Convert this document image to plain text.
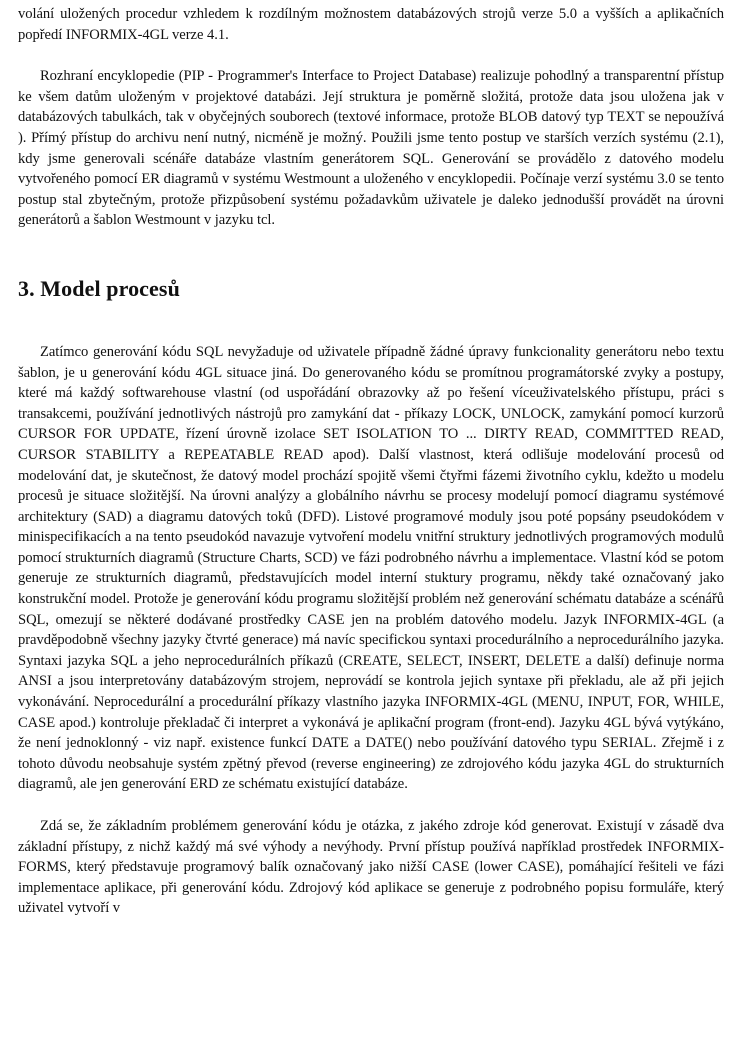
volání uložených procedur vzhledem k rozdílným možnostem databázových strojů verze 5.0 a vyšších a aplikačních popředí INFORMIX-4GL verze 4.1.

Rozhraní encyklopedie (PIP - Programmer's Interface to Project Database) realizuje pohodlný a transparentní přístup ke všem datům uloženým v projektové databázi. Její struktura je poměrně složitá, protože data jsou uložena jak v databázových tabulkách, tak v obyčejných souborech (textové informace, protože BLOB datový typ TEXT se nepoužívá ). Přímý přístup do archivu není nutný, nicméně je možný. Použili jsme tento postup ve starších verzích systému (2.1), kdy jsme generovali scénáře databáze vlastním generátorem SQL. Generování se provádělo z datového modelu vytvořeného pomocí ER diagramů v systému Westmount a uloženého v encyklopedii. Počínaje verzí systému 3.0 se tento postup stal zbytečným, protože přizpůsobení systému požadavkům uživatele je daleko jednodušší provádět na úrovni generátorů a šablon Westmount v jazyku tcl.

3. Model procesů

Zatímco generování kódu SQL nevyžaduje od uživatele případně žádné úpravy funkcionality generátoru nebo textu šablon, je u generování kódu 4GL situace jiná. Do generovaného kódu se promítnou programátorské zvyky a postupy, které má každý softwarehouse vlastní (od uspořádání obrazovky až po řešení víceuživatelského přístupu, práci s transakcemi, používání jednotlivých nástrojů pro zamykání dat - příkazy LOCK, UNLOCK, zamykání pomocí kurzorů CURSOR FOR UPDATE, řízení úrovně izolace SET ISOLATION TO ... DIRTY READ, COMMITTED READ, CURSOR STABILITY a REPEATABLE READ apod). Další vlastnost, která odlišuje modelování procesů od modelování dat, je skutečnost, že datový model prochází spojitě všemi čtyřmi fázemi životního cyklu, kdežto u modelu procesů je situace složitější. Na úrovni analýzy a globálního návrhu se procesy modelují pomocí diagramu systémové architektury (SAD) a diagramu datových toků (DFD). Listové programové moduly jsou poté popsány pseudokódem v minispecifikacích a na tento pseudokód navazuje vytvoření modelu vnitřní struktury jednotlivých programových modulů pomocí strukturních diagramů (Structure Charts, SCD) ve fázi podrobného návrhu a implementace. Vlastní kód se potom generuje ze strukturních diagramů, představujících model interní stuktury programu, někdy také označovaný jako konstrukční model. Protože je generování kódu programu složitější problém než generování schématu databáze a scénářů SQL, omezují se některé dodávané prostředky CASE jen na problém datového modelu. Jazyk INFORMIX-4GL (a pravděpodobně všechny jazyky čtvrté generace) má navíc specifickou syntaxi procedurálního a neprocedurálního jazyka. Syntaxi jazyka SQL a jeho neprocedurálních příkazů (CREATE, SELECT, INSERT, DELETE a další) definuje norma ANSI a jsou interpretovány databázovým strojem, neprovádí se kontrola jejich syntaxe při překladu, ale až při jejich vykonávání. Neprocedurální a procedurální příkazy vlastního jazyka INFORMIX-4GL (MENU, INPUT, FOR, WHILE, CASE apod.) kontroluje překladač či interpret a vykonává je aplikační program (front-end). Jazyku 4GL bývá vytýkáno, že není jednoklonný - viz např. existence funkcí DATE a DATE() nebo používání datového typu SERIAL. Zřejmě i z tohoto důvodu neobsahuje systém zpětný převod (reverse engineering) ze zdrojového kódu jazyka 4GL do strukturních diagramů, ale jen generování ERD ze schématu existující databáze.

Zdá se, že základním problémem generování kódu je otázka, z jakého zdroje kód generovat. Existují v zásadě dva základní přístupy, z nichž každý má své výhody a nevýhody. První přístup používá například prostředek INFORMIX-FORMS, který představuje programový balík označovaný jako nižší CASE (lower CASE), pomáhající řešiteli ve fázi implementace aplikace, při generování kódu. Zdrojový kód aplikace se generuje z podrobného popisu formuláře, který uživatel vytvoří v
